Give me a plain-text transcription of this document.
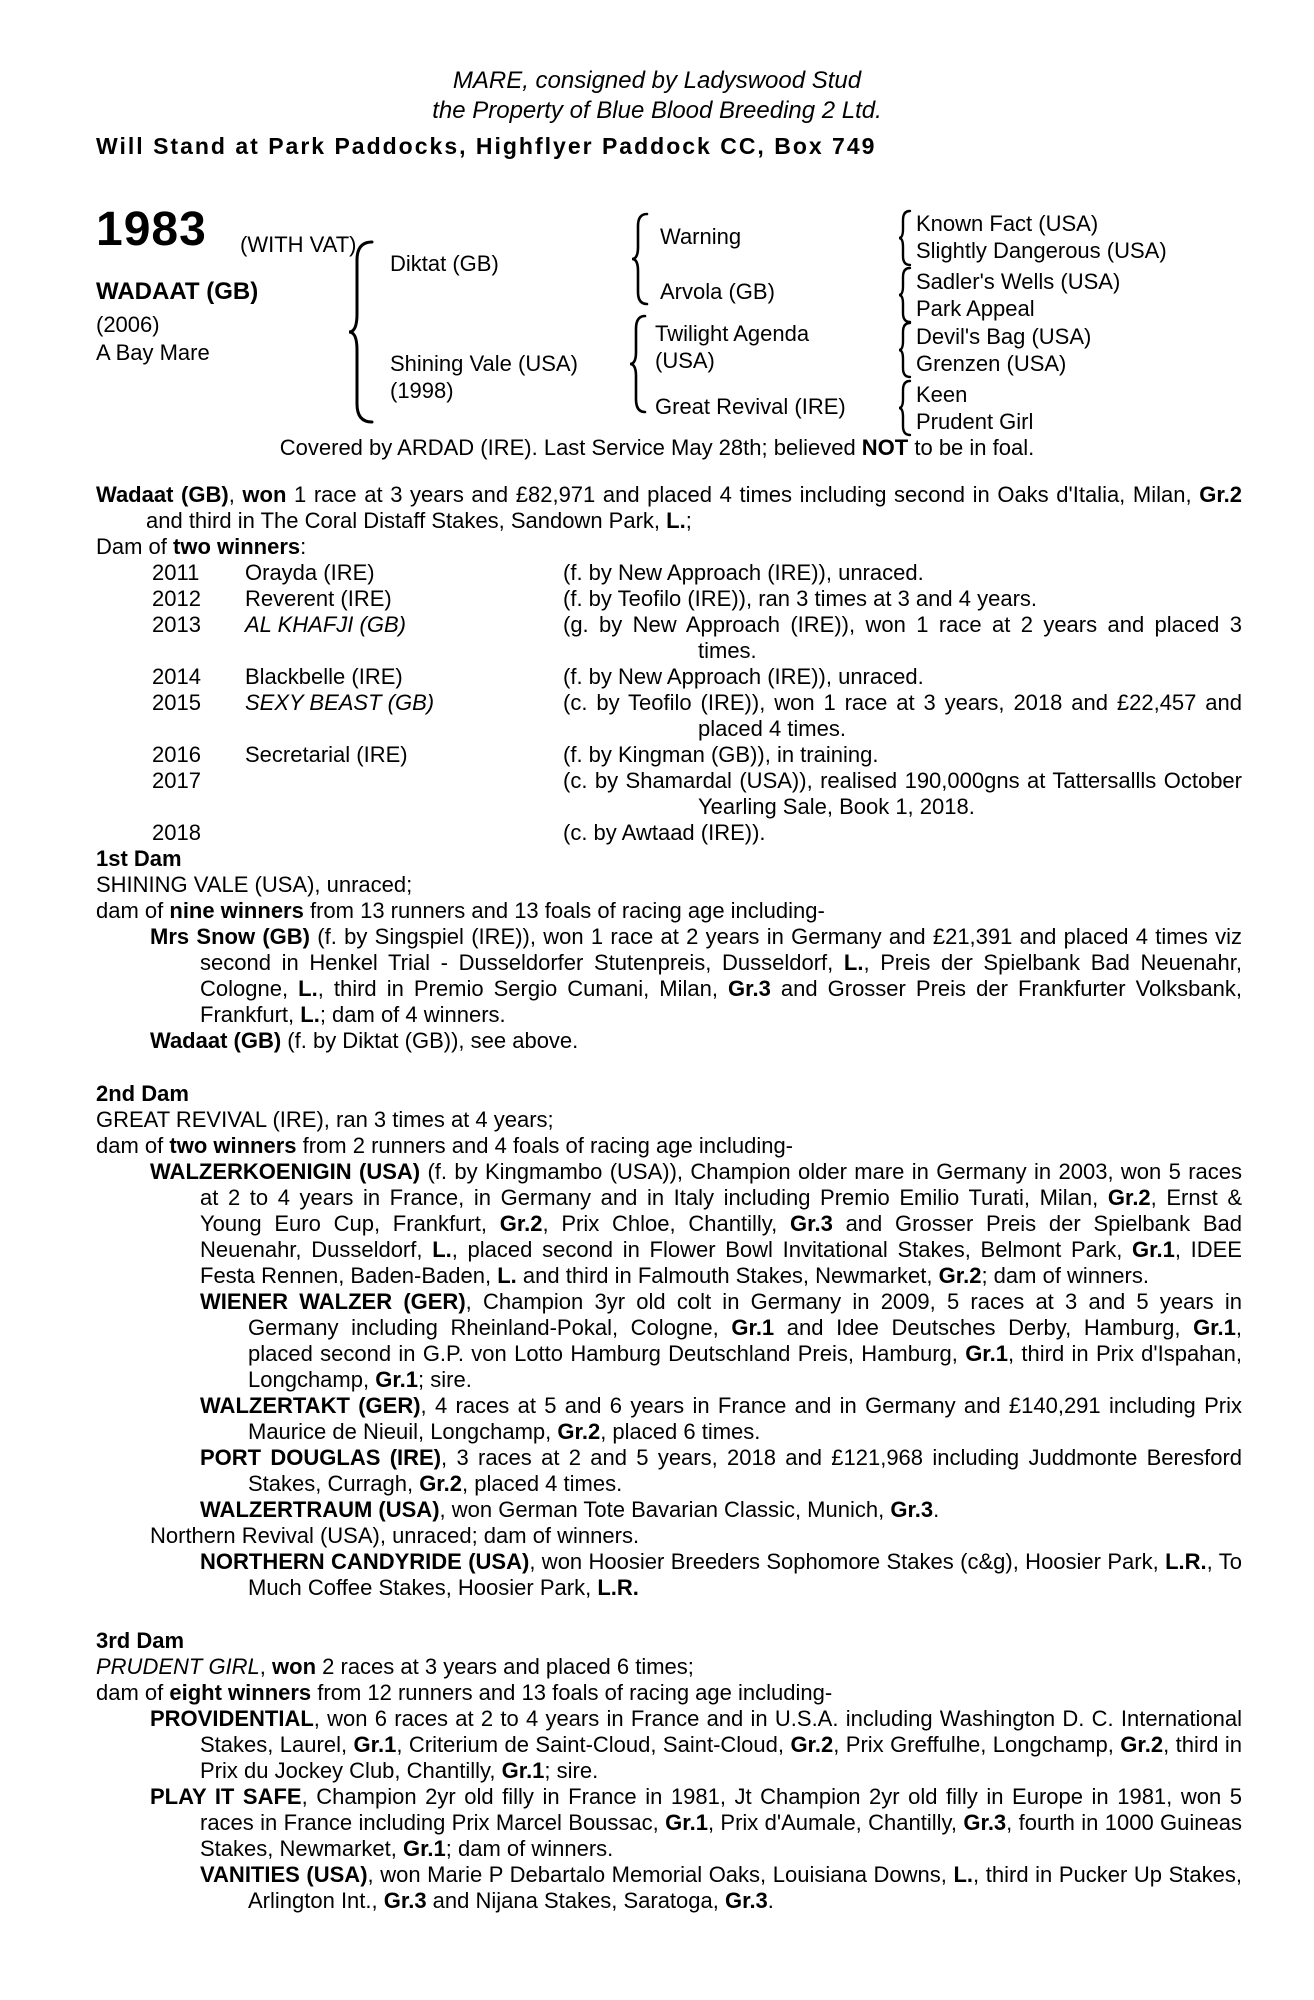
MARE, consigned by Ladyswood Stud
the Property of Blue Blood Breeding 2 Ltd.
Will Stand at Park Paddocks, Highflyer Paddock CC, Box 749
1983 (WITH VAT)
WADAAT (GB)
(2006)
A Bay Mare
Diktat (GB)
Shining Vale (USA)
(1998)
Warning
Arvola (GB)
Twilight Agenda
(USA)
Great Revival (IRE)
Known Fact (USA)
Slightly Dangerous (USA)
Sadler's Wells (USA)
Park Appeal
Devil's Bag (USA)
Grenzen (USA)
Keen
Prudent Girl
Covered by ARDAD (IRE). Last Service May 28th; believed NOT to be in foal.
Wadaat (GB), won 1 race at 3 years and £82,971 and placed 4 times including second in Oaks d'Italia, Milan, Gr.2 and third in The Coral Distaff Stakes, Sandown Park, L.;
Dam of two winners:
2011 Orayda (IRE)	(f. by New Approach (IRE)), unraced.
2012 Reverent (IRE)	(f. by Teofilo (IRE)), ran 3 times at 3 and 4 years.
2013 AL KHAFJI (GB)	(g. by New Approach (IRE)), won 1 race at 2 years and placed 3 times.
2014 Blackbelle (IRE)	(f. by New Approach (IRE)), unraced.
2015 SEXY BEAST (GB)	(c. by Teofilo (IRE)), won 1 race at 3 years, 2018 and £22,457 and placed 4 times.
2016 Secretarial (IRE)	(f. by Kingman (GB)), in training.
2017	(c. by Shamardal (USA)), realised 190,000gns at Tattersallls October Yearling Sale, Book 1, 2018.
2018	(c. by Awtaad (IRE)).
1st Dam
SHINING VALE (USA), unraced;
dam of nine winners from 13 runners and 13 foals of racing age including-
Mrs Snow (GB) (f. by Singspiel (IRE)), won 1 race at 2 years in Germany and £21,391 and placed 4 times viz second in Henkel Trial - Dusseldorfer Stutenpreis, Dusseldorf, L., Preis der Spielbank Bad Neuenahr, Cologne, L., third in Premio Sergio Cumani, Milan, Gr.3 and Grosser Preis der Frankfurter Volksbank, Frankfurt, L.; dam of 4 winners.
Wadaat (GB) (f. by Diktat (GB)), see above.
2nd Dam
GREAT REVIVAL (IRE), ran 3 times at 4 years;
dam of two winners from 2 runners and 4 foals of racing age including-
WALZERKOENIGIN (USA) (f. by Kingmambo (USA)), Champion older mare in Germany in 2003, won 5 races at 2 to 4 years in France, in Germany and in Italy including Premio Emilio Turati, Milan, Gr.2, Ernst & Young Euro Cup, Frankfurt, Gr.2, Prix Chloe, Chantilly, Gr.3 and Grosser Preis der Spielbank Bad Neuenahr, Dusseldorf, L., placed second in Flower Bowl Invitational Stakes, Belmont Park, Gr.1, IDEE Festa Rennen, Baden-Baden, L. and third in Falmouth Stakes, Newmarket, Gr.2; dam of winners.
WIENER WALZER (GER), Champion 3yr old colt in Germany in 2009, 5 races at 3 and 5 years in Germany including Rheinland-Pokal, Cologne, Gr.1 and Idee Deutsches Derby, Hamburg, Gr.1, placed second in G.P. von Lotto Hamburg Deutschland Preis, Hamburg, Gr.1, third in Prix d'Ispahan, Longchamp, Gr.1; sire.
WALZERTAKT (GER), 4 races at 5 and 6 years in France and in Germany and £140,291 including Prix Maurice de Nieuil, Longchamp, Gr.2, placed 6 times.
PORT DOUGLAS (IRE), 3 races at 2 and 5 years, 2018 and £121,968 including Juddmonte Beresford Stakes, Curragh, Gr.2, placed 4 times.
WALZERTRAUM (USA), won German Tote Bavarian Classic, Munich, Gr.3.
Northern Revival (USA), unraced; dam of winners.
NORTHERN CANDYRIDE (USA), won Hoosier Breeders Sophomore Stakes (c&g), Hoosier Park, L.R., To Much Coffee Stakes, Hoosier Park, L.R.
3rd Dam
PRUDENT GIRL, won 2 races at 3 years and placed 6 times;
dam of eight winners from 12 runners and 13 foals of racing age including-
PROVIDENTIAL, won 6 races at 2 to 4 years in France and in U.S.A. including Washington D. C. International Stakes, Laurel, Gr.1, Criterium de Saint-Cloud, Saint-Cloud, Gr.2, Prix Greffulhe, Longchamp, Gr.2, third in Prix du Jockey Club, Chantilly, Gr.1; sire.
PLAY IT SAFE, Champion 2yr old filly in France in 1981, Jt Champion 2yr old filly in Europe in 1981, won 5 races in France including Prix Marcel Boussac, Gr.1, Prix d'Aumale, Chantilly, Gr.3, fourth in 1000 Guineas Stakes, Newmarket, Gr.1; dam of winners.
VANITIES (USA), won Marie P Debartalo Memorial Oaks, Louisiana Downs, L., third in Pucker Up Stakes, Arlington Int., Gr.3 and Nijana Stakes, Saratoga, Gr.3.
